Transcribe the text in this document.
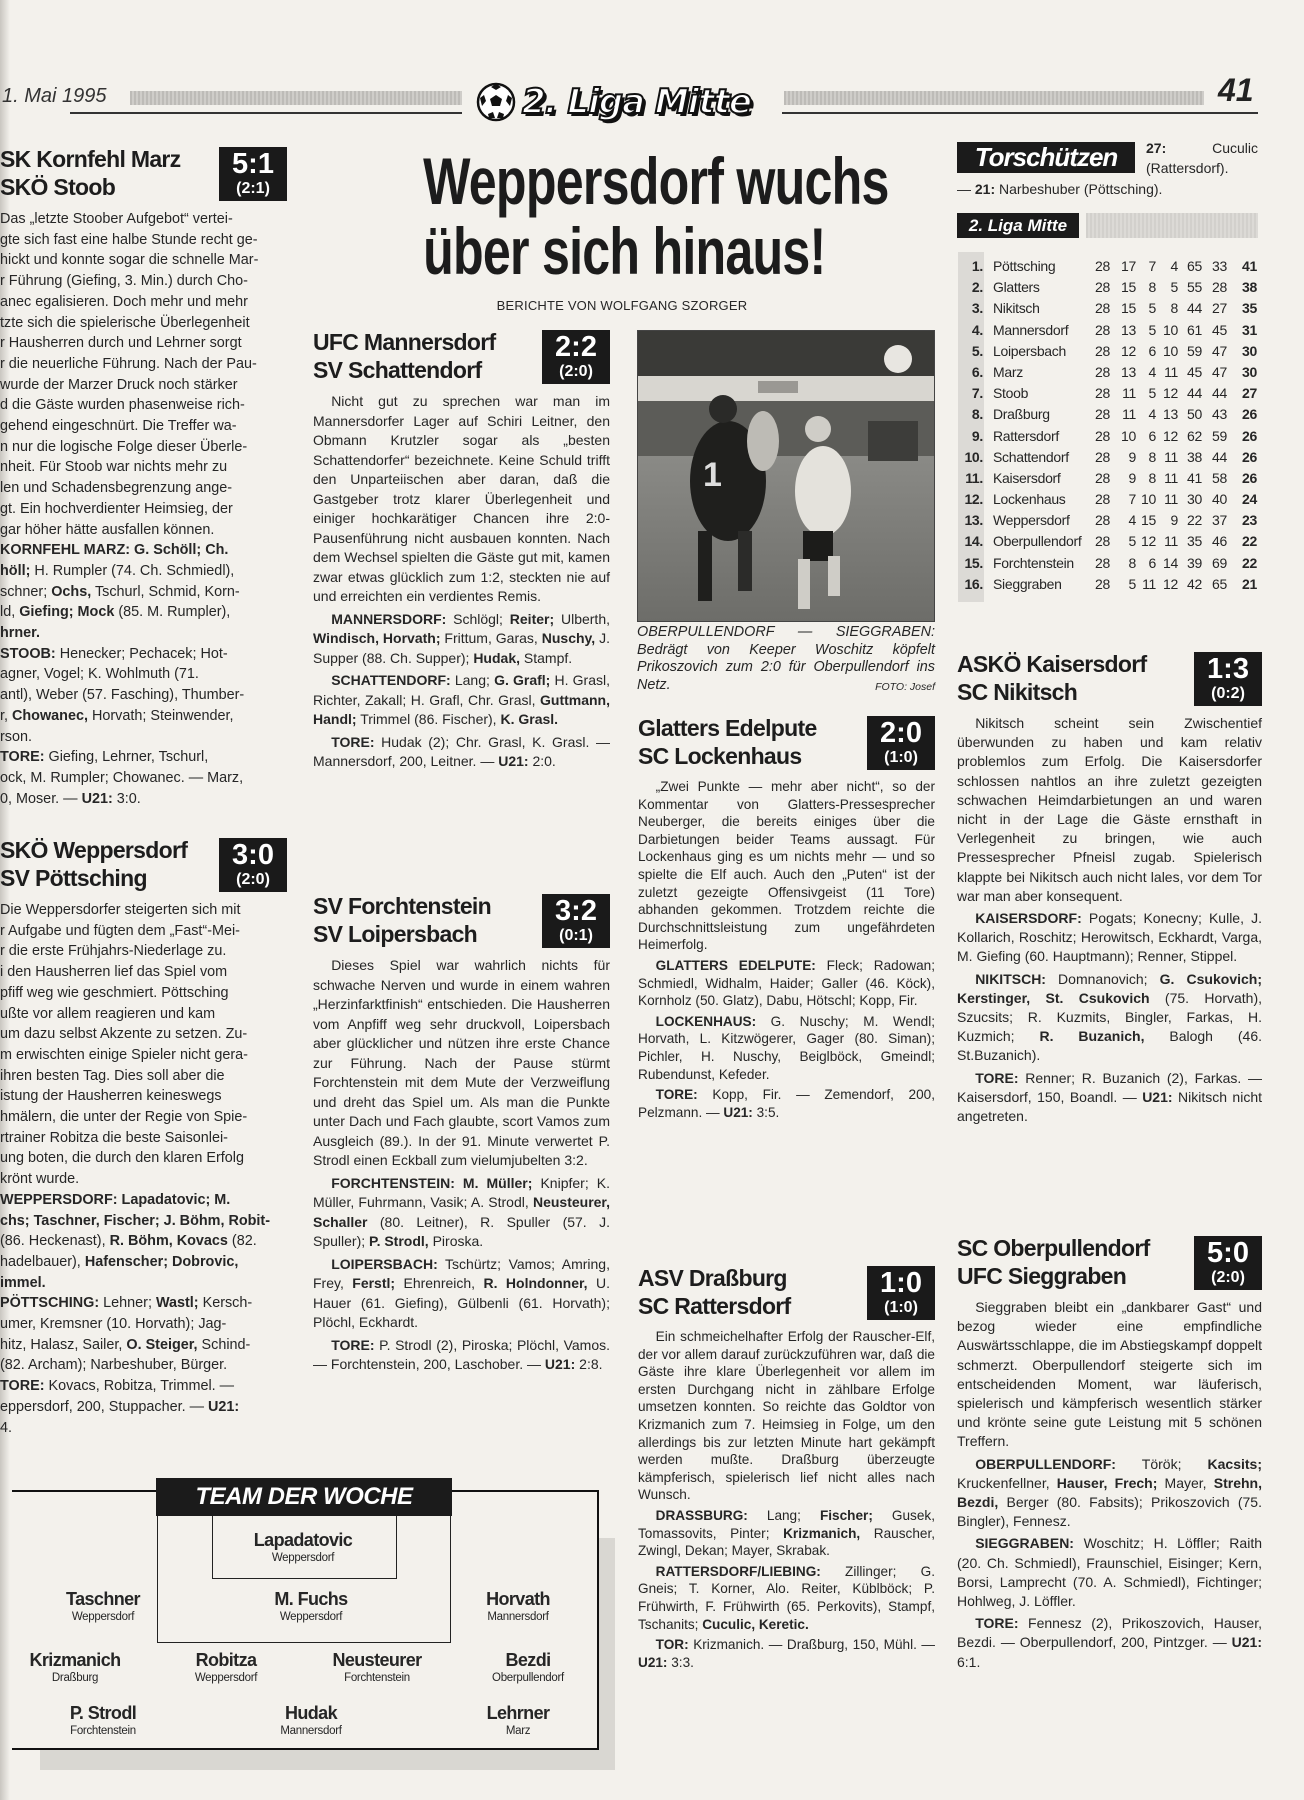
1. Mai 1995	2. Liga Mitte	41
Weppersdorf wuchs
über sich hinaus!
BERICHTE VON WOLFGANG SZORGER
1
OBERPULLENDORF — SIEGGRABEN: Bedrägt von Keeper Woschitz köpfelt Prikoszovich zum 2:0 für Oberpullendorf ins Netz.	FOTO: Josef
Torschützen	27:	Cuculic (Rattersdorf).
— 21: Narbeshuber (Pöttsching).
2. Liga Mitte
1. Pöttsching	28 17 7 4 65 33 41
2. Glatters	28 15 8 5 55 28 38
3. Nikitsch	28 15 5 8 44 27 35
4. Mannersdorf 28 13 5 10 61 45 31
5. Loipersbach 28 12 6 10 59 47 30
6. Marz	28 13 4 11 45 47 30
7. Stoob	28 11 5 12 44 44 27
8. Draßburg	28 11 4 13 50 43 26
9. Rattersdorf	28 10 6 12 62 59 26
10. Schattendorf 28 9 8 11 38 44 26
11. Kaisersdorf 28 9 8 11 41 58 26
12. Lockenhaus 28 7 10 11 30 40 24
13. Weppersdorf 28 4 15 9 22 37 23
14. Oberpullendorf 28 5 12 11 35 46 22
15. Forchtenstein 28 8 6 14 39 69 22
16. Sieggraben 28 5 11 12 42 65 21
SK Kornfehl Marz
SKÖ Stoob
5:1
(2:1)
Das „letzte Stoober Aufgebot“ vertei-
gte sich fast eine halbe Stunde recht ge-
hickt und konnte sogar die schnelle Mar-
r Führung (Giefing, 3. Min.) durch Cho-
anec egalisieren. Doch mehr und mehr
tzte sich die spielerische Überlegenheit
r Hausherren durch und Lehrner sorgt
r die neuerliche Führung. Nach der Pau-
wurde der Marzer Druck noch stärker
d die Gäste wurden phasenweise rich-
gehend eingeschnürt. Die Treffer wa-
n nur die logische Folge dieser Überle-
nheit. Für Stoob war nichts mehr zu
len und Schadensbegrenzung ange-
gt. Ein hochverdienter Heimsieg, der
gar höher hätte ausfallen können.
KORNFEHL MARZ: G. Schöll; Ch.
höll; H. Rumpler (74. Ch. Schmiedl),
schner; Ochs, Tschurl, Schmid, Korn-
ld, Giefing; Mock (85. M. Rumpler),
hrner.
STOOB: Henecker; Pechacek; Hot-
agner, Vogel; K. Wohlmuth (71.
antl), Weber (57. Fasching), Thumber-
r, Chowanec, Horvath; Steinwender,
rson.
TORE: Giefing, Lehrner, Tschurl,
ock, M. Rumpler; Chowanec. — Marz,
0, Moser. — U21: 3:0.
SKÖ Weppersdorf
SV Pöttsching
3:0
(2:0)
Die Weppersdorfer steigerten sich mit
r Aufgabe und fügten dem „Fast“-Mei-
r die erste Frühjahrs-Niederlage zu.
i den Hausherren lief das Spiel vom
pfiff weg wie geschmiert. Pöttsching
ußte vor allem reagieren und kam
um dazu selbst Akzente zu setzen. Zu-
m erwischten einige Spieler nicht gera-
ihren besten Tag. Dies soll aber die
istung der Hausherren keineswegs
hmälern, die unter der Regie von Spie-
rtrainer Robitza die beste Saisonlei-
ung boten, die durch den klaren Erfolg
krönt wurde.
WEPPERSDORF: Lapadatovic; M.
chs; Taschner, Fischer; J. Böhm, Robit-
(86. Heckenast), R. Böhm, Kovacs (82.
hadelbauer), Hafenscher; Dobrovic,
immel.
PÖTTSCHING: Lehner; Wastl; Kersch-
umer, Kremsner (10. Horvath); Jag-
hitz, Halasz, Sailer, O. Steiger, Schind-
(82. Archam); Narbeshuber, Bürger.
TORE: Kovacs, Robitza, Trimmel. —
eppersdorf, 200, Stuppacher. — U21:
4.
UFC Mannersdorf
SV Schattendorf
2:2
(2:0)

Nicht gut zu sprechen war man im Mannersdorfer Lager auf Schiri Leitner, den Obmann Krutzler sogar als „besten Schattendorfer“ bezeichnete. Keine Schuld trifft den Unparteiischen aber daran, daß die Gastgeber trotz klarer Überlegenheit und einiger hochkarätiger Chancen ihre 2:0-Pausenführung nicht ausbauen konnten. Nach dem Wechsel spielten die Gäste gut mit, kamen zwar etwas glücklich zum 1:2, steckten nie auf und erreichten ein verdientes Remis.

MANNERSDORF: Schlögl; Reiter; Ulberth, Windisch, Horvath; Frittum, Garas, Nuschy, J. Supper (88. Ch. Supper); Hudak, Stampf.

SCHATTENDORF: Lang; G. Grafl; H. Grasl, Richter, Zakall; H. Grafl, Chr. Grasl, Guttmann, Handl; Trimmel (86. Fischer), K. Grasl.

TORE: Hudak (2); Chr. Grasl, K. Grasl. — Mannersdorf, 200, Leitner. — U21: 2:0.

SV Forchtenstein
SV Loipersbach
3:2
(0:1)

Dieses Spiel war wahrlich nichts für schwache Nerven und wurde in einem wahren „Herzinfarktfinish“ entschieden. Die Hausherren vom Anpfiff weg sehr druckvoll, Loipersbach aber glücklicher und nützen ihre erste Chance zur Führung. Nach der Pause stürmt Forchtenstein mit dem Mute der Verzweiflung und dreht das Spiel um. Als man die Punkte unter Dach und Fach glaubte, scort Vamos zum Ausgleich (89.). In der 91. Minute verwertet P. Strodl einen Eckball zum vielumjubelten 3:2.

FORCHTENSTEIN: M. Müller; Knipfer; K. Müller, Fuhrmann, Vasik; A. Strodl, Neusteurer, Schaller (80. Leitner), R. Spuller (57. J. Spuller); P. Strodl, Piroska.

LOIPERSBACH: Tschürtz; Vamos; Amring, Frey, Ferstl; Ehrenreich, R. Holndonner, U. Hauer (61. Giefing), Gülbenli (61. Horvath); Plöchl, Eckhardt.

TORE: P. Strodl (2), Piroska; Plöchl, Vamos. — Forchtenstein, 200, Laschober. — U21: 2:8.

Glatters Edelpute
SC Lockenhaus
2:0
(1:0)

„Zwei Punkte — mehr aber nicht“, so der Kommentar von Glatters-Pressesprecher Neuberger, die bereits einiges über die Darbietungen beider Teams aussagt. Für Lockenhaus ging es um nichts mehr — und so spielte die Elf auch. Auch den „Puten“ ist der zuletzt gezeigte Offensivgeist (11 Tore) abhanden gekommen. Trotzdem reichte die Durchschnittsleistung zum ungefährdeten Heimerfolg.

GLATTERS EDELPUTE: Fleck; Radowan; Schmiedl, Widhalm, Haider; Galler (46. Köck), Kornholz (50. Glatz), Dabu, Hötschl; Kopp, Fir.

LOCKENHAUS: G. Nuschy; M. Wendl; Horvath, L. Kitzwögerer, Gager (80. Siman); Pichler, H. Nuschy, Beiglböck, Gmeindl; Rubendunst, Kefeder.

TORE: Kopp, Fir. — Zemendorf, 200, Pelzmann. — U21: 3:5.

ASV Draßburg
SC Rattersdorf
1:0
(1:0)

Ein schmeichelhafter Erfolg der Rauscher-Elf, der vor allem darauf zurückzuführen war, daß die Gäste ihre klare Überlegenheit vor allem im ersten Durchgang nicht in zählbare Erfolge umsetzen konnten. So reichte das Goldtor von Krizmanich zum 7. Heimsieg in Folge, um den allerdings bis zur letzten Minute hart gekämpft werden mußte. Draßburg überzeugte kämpferisch, spielerisch lief nicht alles nach Wunsch.

DRASSBURG: Lang; Fischer; Gusek, Tomassovits, Pinter; Krizmanich, Rauscher, Zwingl, Dekan; Mayer, Skrabak.

RATTERSDORF/LIEBING: Zillinger; G. Gneis; T. Korner, Alo. Reiter, Küblböck; P. Frühwirth, F. Frühwirth (65. Perkovits), Stampf, Tschanits; Cuculic, Keretic.

TOR: Krizmanich. — Draßburg, 150, Mühl. — U21: 3:3.

ASKÖ Kaisersdorf
SC Nikitsch
1:3
(0:2)

Nikitsch scheint sein Zwischentief überwunden zu haben und kam relativ problemlos zum Erfolg. Die Kaisersdorfer schlossen nahtlos an ihre zuletzt gezeigten schwachen Heimdarbietungen an und waren nicht in der Lage die Gäste ernsthaft in Verlegenheit zu bringen, wie auch Pressesprecher Pfneisl zugab. Spielerisch klappte bei Nikitsch auch nicht lales, vor dem Tor war man aber konsequent.

KAISERSDORF: Pogats; Konecny; Kulle, J. Kollarich, Roschitz; Herowitsch, Eckhardt, Varga, M. Giefing (60. Hauptmann); Renner, Stippel.

NIKITSCH: Domnanovich; G. Csukovich; Kerstinger, St. Csukovich (75. Horvath), Szucsits; R. Kuzmits, Bingler, Farkas, H. Kuzmich; R. Buzanich, Balogh (46. St.Buzanich).

TORE: Renner; R. Buzanich (2), Farkas. — Kaisersdorf, 150, Boandl. — U21: Nikitsch nicht angetreten.

SC Oberpullendorf
UFC Sieggraben
5:0
(2:0)

Sieggraben bleibt ein „dankbarer Gast“ und bezog wieder eine empfindliche Auswärtsschlappe, die im Abstiegskampf doppelt schmerzt. Oberpullendorf steigerte sich im entscheidenden Moment, war läuferisch, spielerisch und kämpferisch wesentlich stärker und krönte seine gute Leistung mit 5 schönen Treffern.

OBERPULLENDORF: Török; Kacsits; Kruckenfellner, Hauser, Frech; Mayer, Strehn, Bezdi, Berger (80. Fabsits); Prikoszovich (75. Bingler), Fennesz.

SIEGGRABEN: Woschitz; H. Löffler; Raith (20. Ch. Schmiedl), Fraunschiel, Eisinger; Kern, Borsi, Lamprecht (70. A. Schmiedl), Fichtinger; Hohlweg, J. Löffler.

TORE: Fennesz (2), Prikoszovich, Hauser, Bezdi. — Oberpullendorf, 200, Pintzger. — U21: 6:1.

TEAM DER WOCHE
Lapadatovic
Weppersdorf
Taschner
Weppersdorf
M. Fuchs
Weppersdorf
Horvath
Mannersdorf
Krizmanich
Draßburg
Robitza
Weppersdorf
Neusteurer
Forchtenstein
Bezdi
Oberpullendorf
P. Strodl
Forchtenstein
Hudak
Mannersdorf
Lehrner
Marz
